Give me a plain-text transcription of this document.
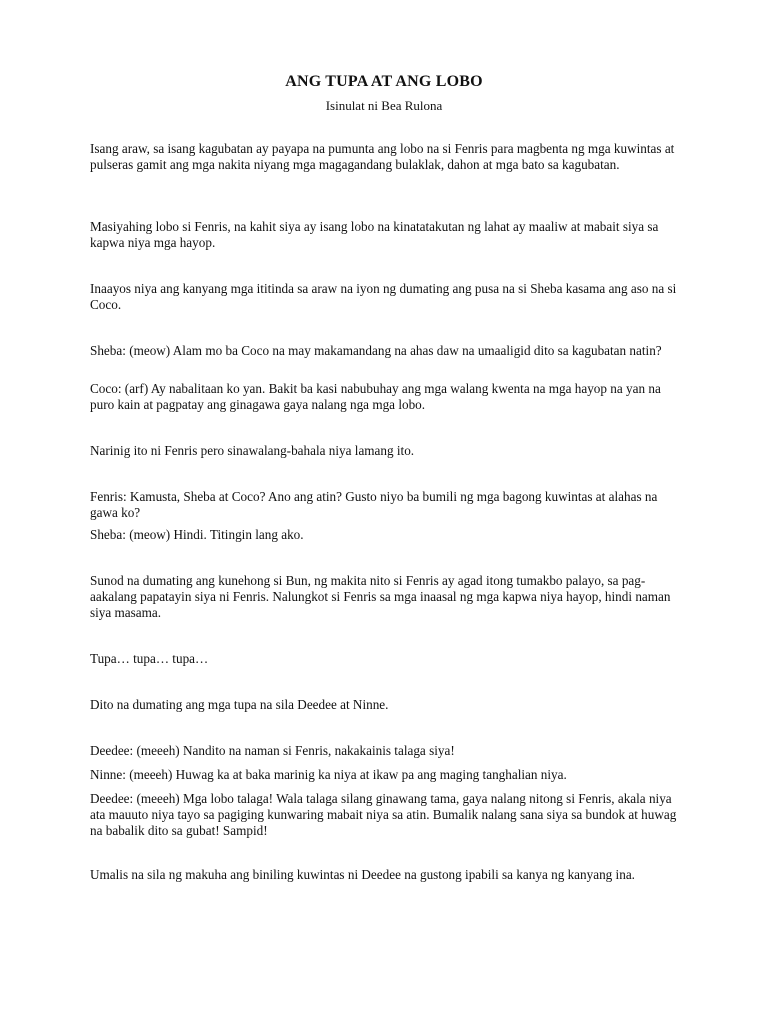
ANG TUPA AT ANG LOBO

Isinulat ni Bea Rulona

Isang araw, sa isang kagubatan ay payapa na pumunta ang lobo na si Fenris para magbenta ng mga kuwintas at pulseras gamit ang mga nakita niyang mga magagandang bulaklak, dahon at mga bato sa kagubatan.

Masiyahing lobo si Fenris, na kahit siya ay isang lobo na kinatatakutan ng lahat ay maaliw at mabait siya sa kapwa niya mga hayop.

Inaayos niya ang kanyang mga ititinda sa araw na iyon ng dumating ang pusa na si Sheba kasama ang aso na si Coco.

Sheba: (meow) Alam mo ba Coco na may makamandang na ahas daw na umaaligid dito sa kagubatan natin?

Coco: (arf) Ay nabalitaan ko yan. Bakit ba kasi nabubuhay ang mga walang kwenta na mga hayop na yan na puro kain at pagpatay ang ginagawa gaya nalang nga mga lobo.

Narinig ito ni Fenris pero sinawalang-bahala niya lamang ito.

Fenris: Kamusta, Sheba at Coco? Ano ang atin? Gusto niyo ba bumili ng mga bagong kuwintas at alahas na gawa ko?

Sheba: (meow) Hindi. Titingin lang ako.

Sunod na dumating ang kunehong si Bun, ng makita nito si Fenris ay agad itong tumakbo palayo, sa pag-aakalang papatayin siya ni Fenris. Nalungkot si Fenris sa mga inaasal ng mga kapwa niya hayop, hindi naman siya masama.

Tupa… tupa… tupa…

Dito na dumating ang mga tupa na sila Deedee at Ninne.

Deedee: (meeeh) Nandito na naman si Fenris, nakakainis talaga siya!

Ninne: (meeeh) Huwag ka at baka marinig ka niya at ikaw pa ang maging tanghalian niya.

Deedee: (meeeh) Mga lobo talaga! Wala talaga silang ginawang tama, gaya nalang nitong si Fenris, akala niya ata mauuto niya tayo sa pagiging kunwaring mabait niya sa atin. Bumalik nalang sana siya sa bundok at huwag na babalik dito sa gubat! Sampid!

Umalis na sila ng makuha ang biniling kuwintas ni Deedee na gustong ipabili sa kanya ng kanyang ina.
